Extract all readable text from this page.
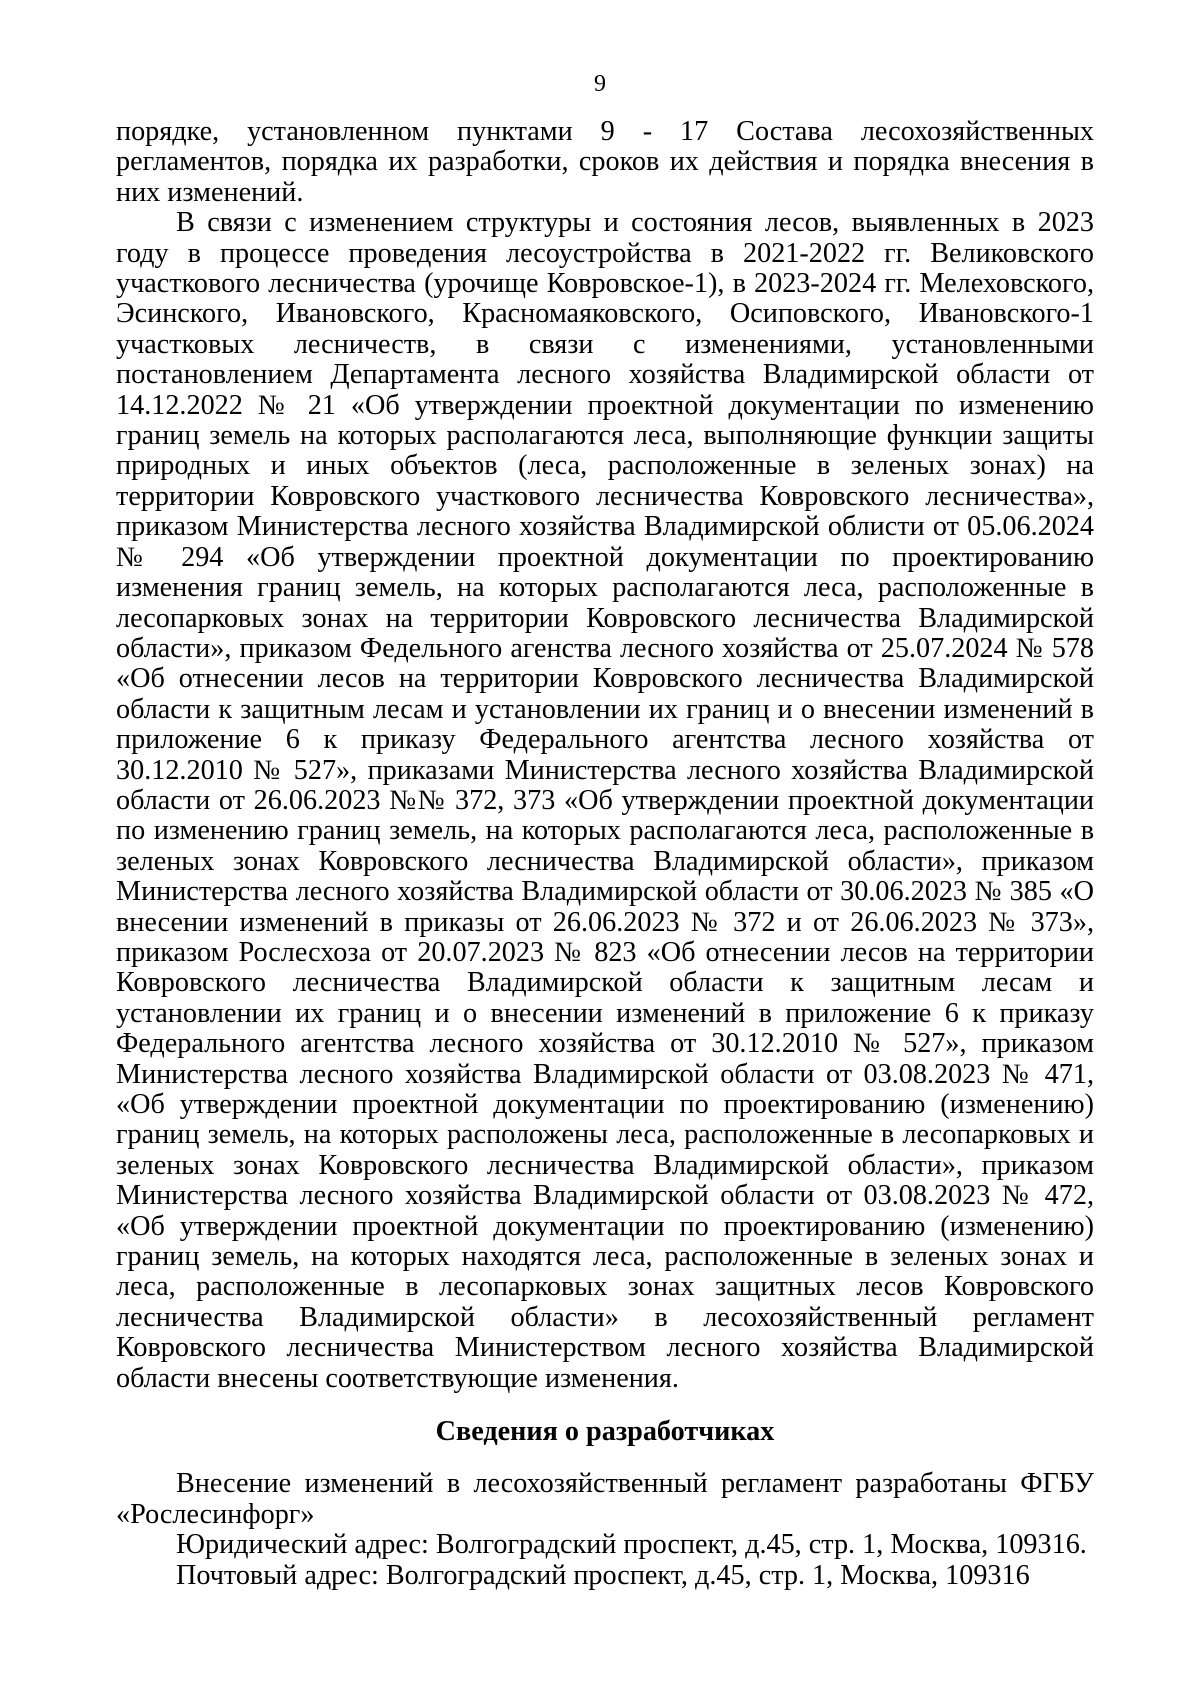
9

порядке, установленном пунктами 9 - 17 Состава лесохозяйственных регламентов, порядка их разработки, сроков их действия и порядка внесения в них изменений.

В связи с изменением структуры и состояния лесов, выявленных в 2023 году в процессе проведения лесоустройства в 2021-2022 гг. Великовского участкового лесничества (урочище Ковровское-1), в 2023-2024 гг. Мелеховского, Эсинского, Ивановского, Красномаяковского, Осиповского, Ивановского-1 участковых лесничеств, в связи с изменениями, установленными постановлением Департамента лесного хозяйства Владимирской области от 14.12.2022 № 21 «Об утверждении проектной документации по изменению границ земель на которых располагаются леса, выполняющие функции защиты природных и иных объектов (леса, расположенные в зеленых зонах) на территории Ковровского участкового лесничества Ковровского лесничества», приказом Министерства лесного хозяйства Владимирской облисти от 05.06.2024 № 294 «Об утверждении проектной документации по проектированию изменения границ земель, на которых располагаются леса, расположенные в лесопарковых зонах на территории Ковровского лесничества Владимирской области», приказом Федельного агенства лесного хозяйства от 25.07.2024 № 578 «Об отнесении лесов на территории Ковровского лесничества Владимирской области к защитным лесам и установлении их границ и о внесении изменений в приложение 6 к приказу Федерального агентства лесного хозяйства от 30.12.2010 № 527», приказами Министерства лесного хозяйства Владимирской области от 26.06.2023 №№ 372, 373 «Об утверждении проектной документации по изменению границ земель, на которых располагаются леса, расположенные в зеленых зонах Ковровского лесничества Владимирской области», приказом Министерства лесного хозяйства Владимирской области от 30.06.2023 № 385 «О внесении изменений в приказы от 26.06.2023 № 372 и от 26.06.2023 № 373», приказом Рослесхоза от 20.07.2023 № 823 «Об отнесении лесов на территории Ковровского лесничества Владимирской области к защитным лесам и установлении их границ и о внесении изменений в приложение 6 к приказу Федерального агентства лесного хозяйства от 30.12.2010 № 527», приказом Министерства лесного хозяйства Владимирской области от 03.08.2023 № 471, «Об утверждении проектной документации по проектированию (изменению) границ земель, на которых расположены леса, расположенные в лесопарковых и зеленых зонах Ковровского лесничества Владимирской области», приказом Министерства лесного хозяйства Владимирской области от 03.08.2023 № 472, «Об утверждении проектной документации по проектированию (изменению) границ земель, на которых находятся леса, расположенные в зеленых зонах и леса, расположенные в лесопарковых зонах защитных лесов Ковровского лесничества Владимирской области» в лесохозяйственный регламент Ковровского лесничества Министерством лесного хозяйства Владимирской области внесены соответствующие изменения.

Сведения о разработчиках

Внесение изменений в лесохозяйственный регламент разработаны ФГБУ «Рослесинфорг»

Юридический адрес: Волгоградский проспект, д.45, стр. 1, Москва, 109316.

Почтовый адрес: Волгоградский проспект, д.45, стр. 1, Москва, 109316
